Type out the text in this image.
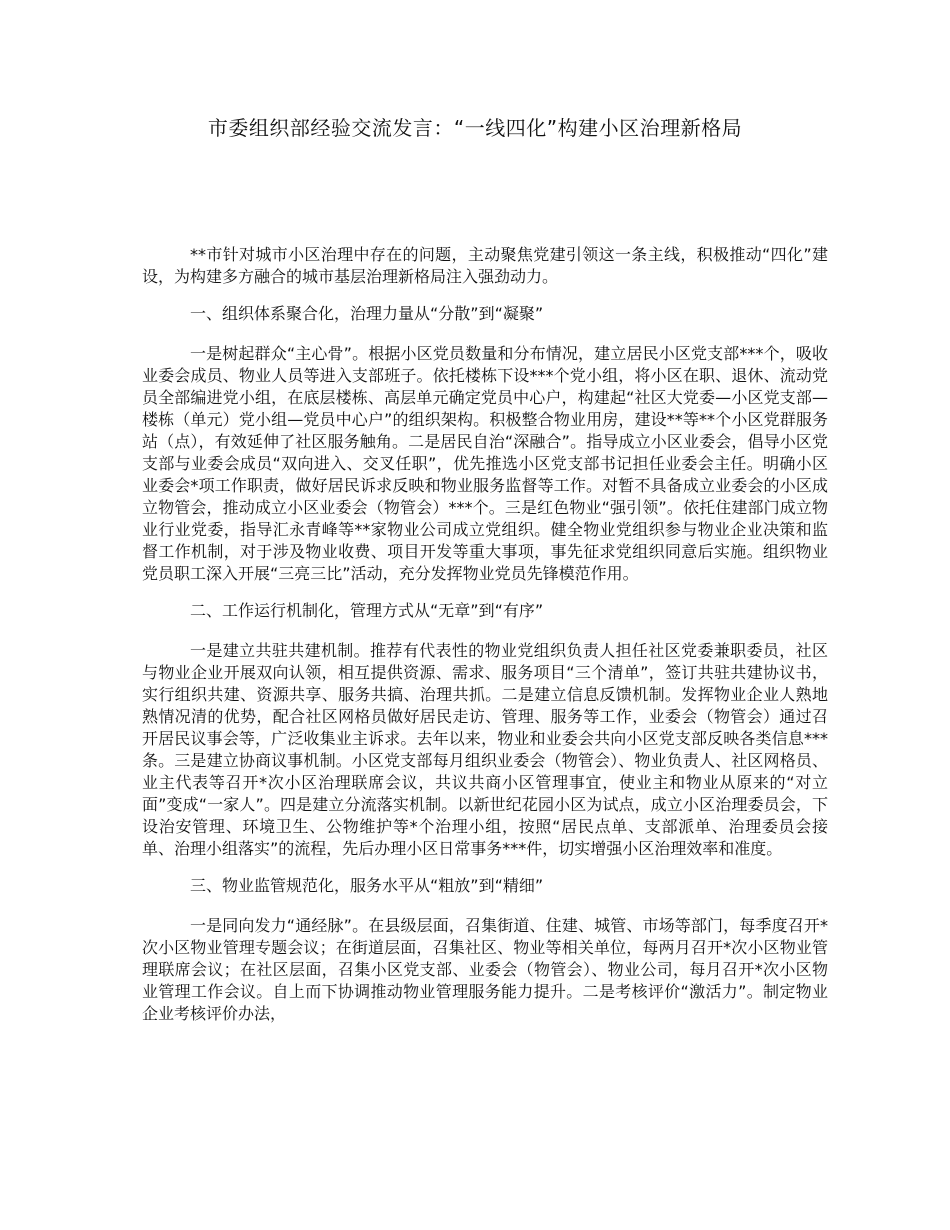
市委组织部经验交流发言：“一线四化”构建小区治理新格局

**市针对城市小区治理中存在的问题，主动聚焦党建引领这一条主线，积极推动“四化”建设，为构建多方融合的城市基层治理新格局注入强劲动力。

一、组织体系聚合化，治理力量从“分散”到“凝聚”

一是树起群众“主心骨”。根据小区党员数量和分布情况，建立居民小区党支部***个，吸收业委会成员、物业人员等进入支部班子。依托楼栋下设***个党小组，将小区在职、退休、流动党员全部编进党小组，在底层楼栋、高层单元确定党员中心户，构建起“社区大党委—小区党支部—楼栋（单元）党小组—党员中心户”的组织架构。积极整合物业用房，建设**等**个小区党群服务站（点），有效延伸了社区服务触角。二是居民自治“深融合”。指导成立小区业委会，倡导小区党支部与业委会成员“双向进入、交叉任职”，优先推选小区党支部书记担任业委会主任。明确小区业委会*项工作职责，做好居民诉求反映和物业服务监督等工作。对暂不具备成立业委会的小区成立物管会，推动成立小区业委会（物管会）***个。三是红色物业“强引领”。依托住建部门成立物业行业党委，指导汇永青峰等**家物业公司成立党组织。健全物业党组织参与物业企业决策和监督工作机制，对于涉及物业收费、项目开发等重大事项，事先征求党组织同意后实施。组织物业党员职工深入开展“三亮三比”活动，充分发挥物业党员先锋模范作用。

二、工作运行机制化，管理方式从“无章”到“有序”

一是建立共驻共建机制。推荐有代表性的物业党组织负责人担任社区党委兼职委员，社区与物业企业开展双向认领，相互提供资源、需求、服务项目“三个清单”，签订共驻共建协议书，实行组织共建、资源共享、服务共搞、治理共抓。二是建立信息反馈机制。发挥物业企业人熟地熟情况清的优势，配合社区网格员做好居民走访、管理、服务等工作，业委会（物管会）通过召开居民议事会等，广泛收集业主诉求。去年以来，物业和业委会共向小区党支部反映各类信息***条。三是建立协商议事机制。小区党支部每月组织业委会（物管会）、物业负责人、社区网格员、业主代表等召开*次小区治理联席会议，共议共商小区管理事宜，使业主和物业从原来的“对立面”变成“一家人”。四是建立分流落实机制。以新世纪花园小区为试点，成立小区治理委员会，下设治安管理、环境卫生、公物维护等*个治理小组，按照“居民点单、支部派单、治理委员会接单、治理小组落实”的流程，先后办理小区日常事务***件，切实增强小区治理效率和准度。

三、物业监管规范化，服务水平从“粗放”到“精细”

一是同向发力“通经脉”。在县级层面，召集街道、住建、城管、市场等部门，每季度召开*次小区物业管理专题会议；在街道层面，召集社区、物业等相关单位，每两月召开*次小区物业管理联席会议；在社区层面，召集小区党支部、业委会（物管会）、物业公司，每月召开*次小区物业管理工作会议。自上而下协调推动物业管理服务能力提升。二是考核评价“激活力”。制定物业企业考核评价办法，
